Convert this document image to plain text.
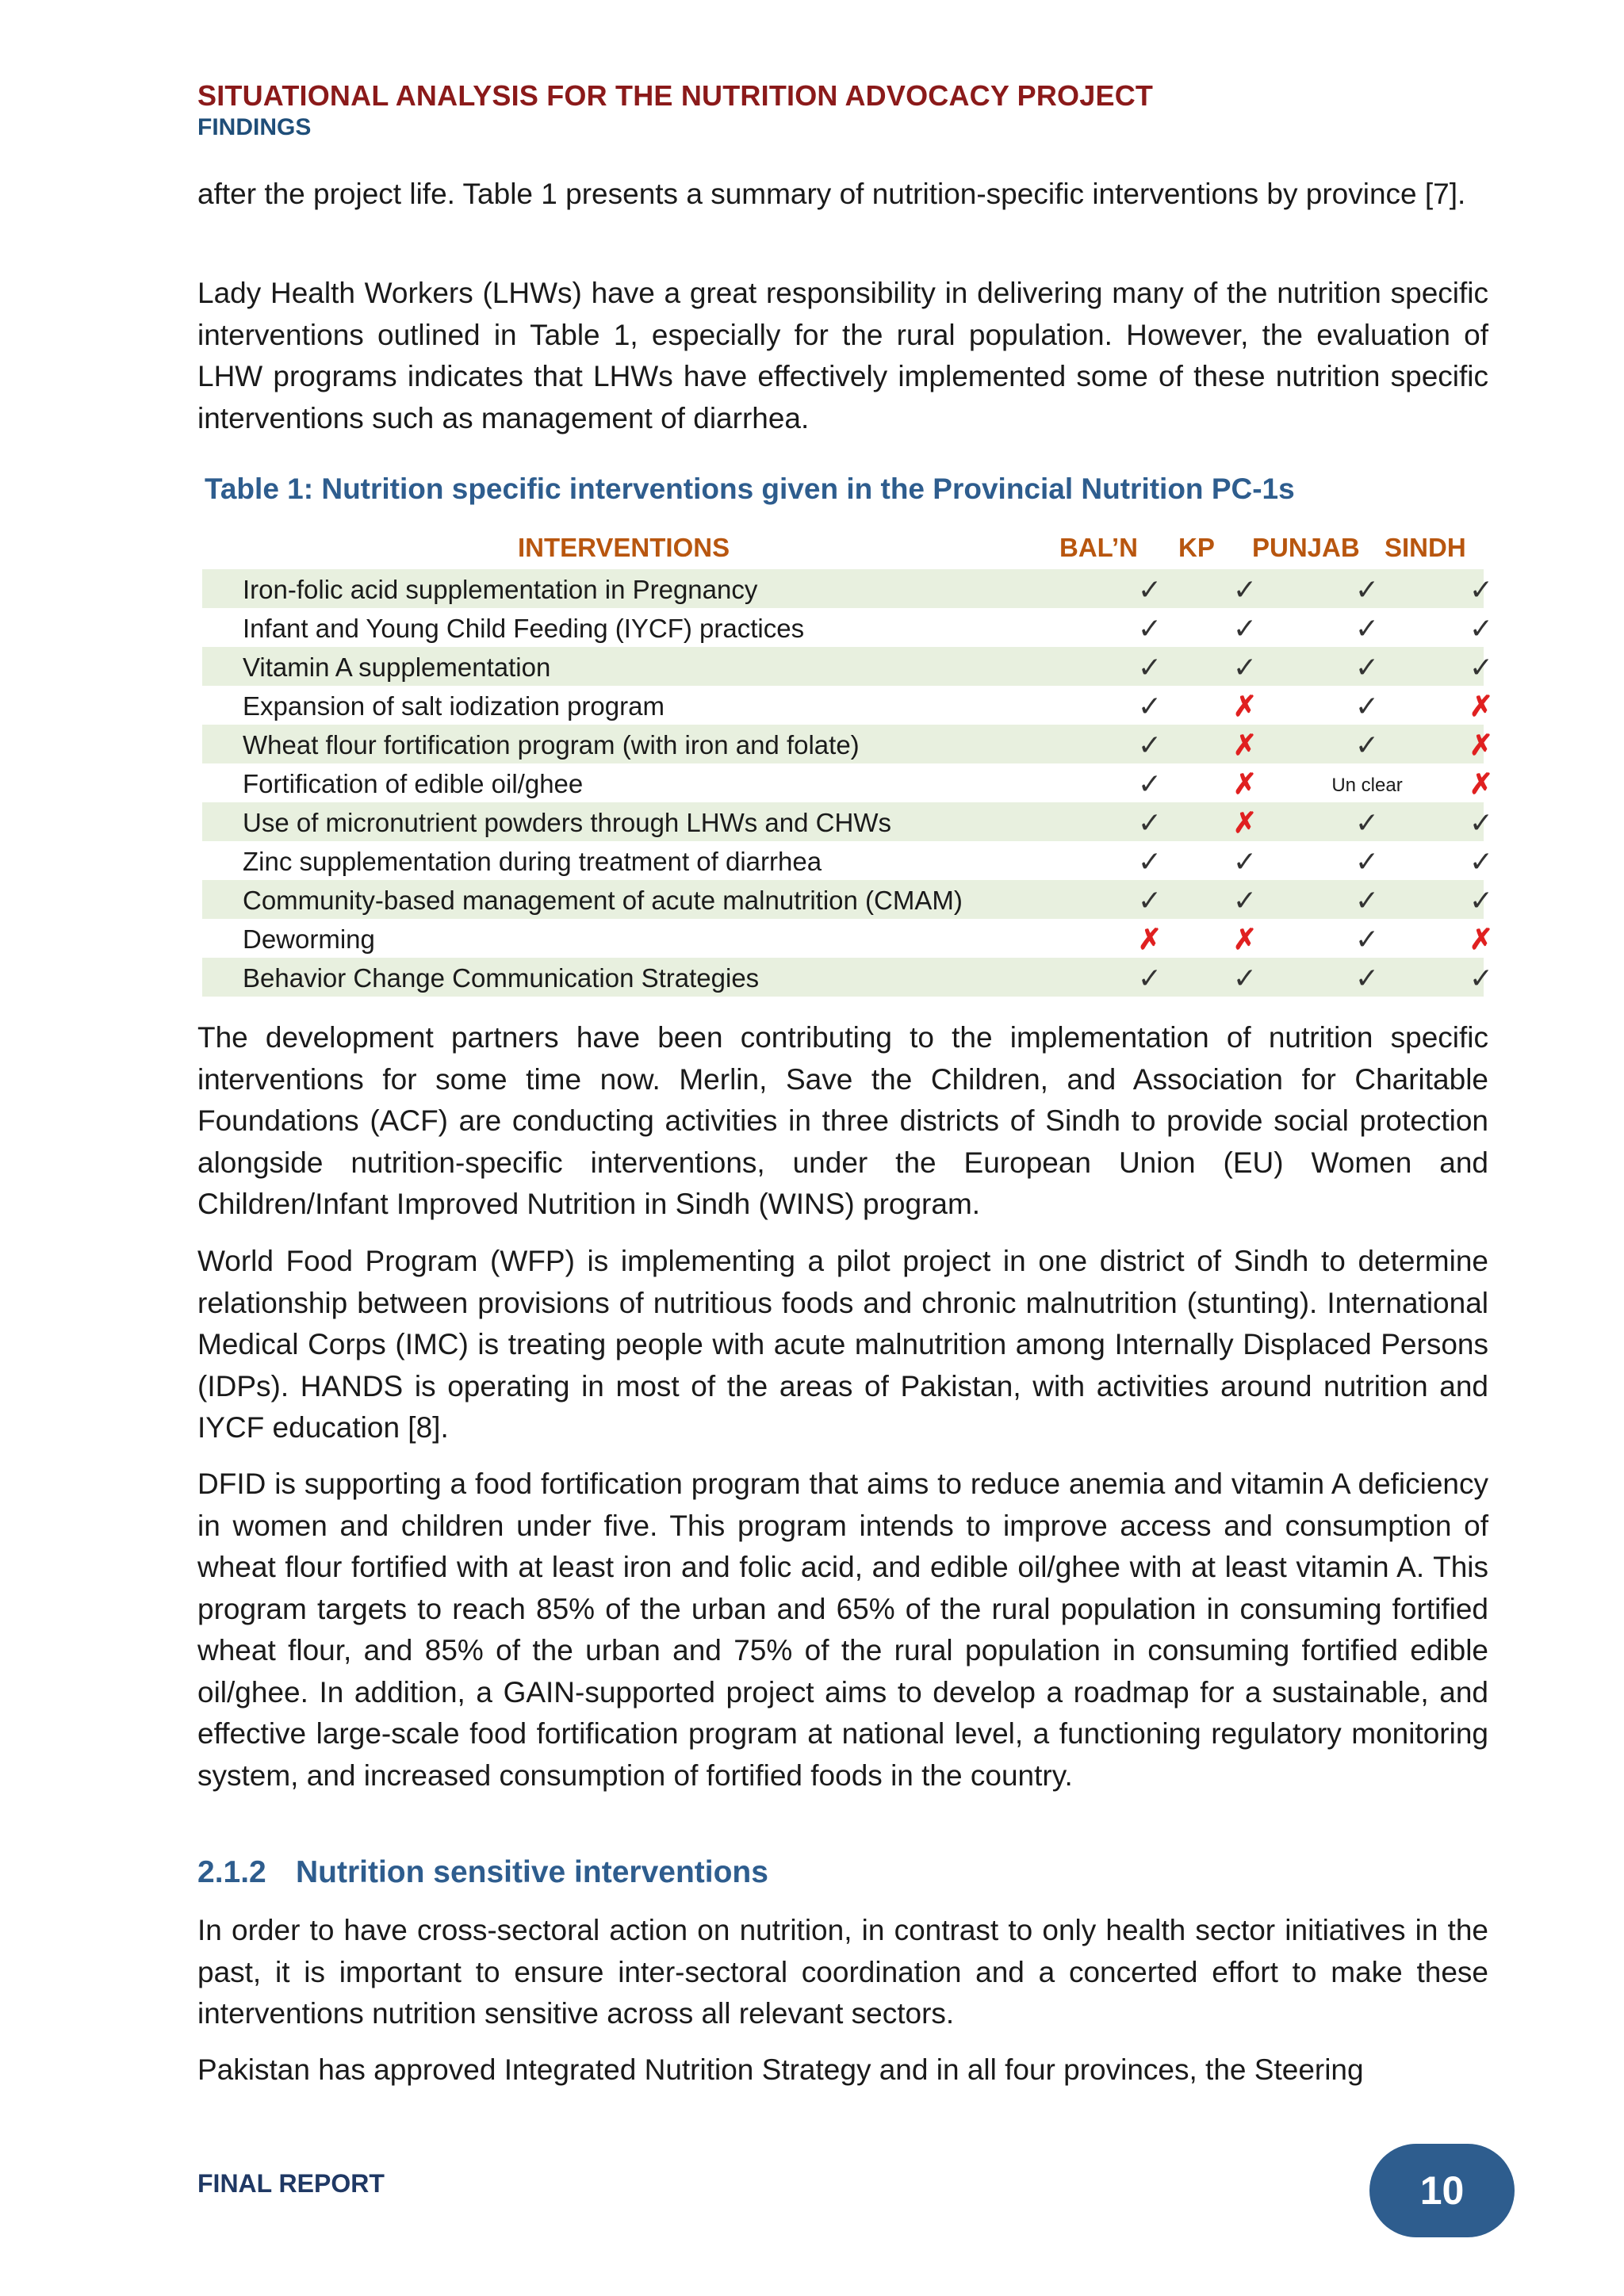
SITUATIONAL ANALYSIS FOR THE NUTRITION ADVOCACY PROJECT
FINDINGS

after the project life. Table 1 presents a summary of nutrition-specific interventions by province [7].

Lady Health Workers (LHWs) have a great responsibility in delivering many of the nutrition specific interventions outlined in Table 1, especially for the rural population. However, the evaluation of LHW programs indicates that LHWs have effectively implemented some of these nutrition specific interventions such as management of diarrhea.

Table 1: Nutrition specific interventions given in the Provincial Nutrition PC-1s
INTERVENTIONS	BAL’N KP PUNJAB SINDH
Iron-folic acid supplementation in Pregnancy	✓	✓	✓	✓
Infant and Young Child Feeding (IYCF) practices	✓	✓	✓	✓
Vitamin A supplementation	✓	✓	✓	✓
Expansion of salt iodization program	✓	✗	✓	✗
Wheat flour fortification program (with iron and folate)	✓	✗	✓	✗
Fortification of edible oil/ghee	✓	✗	Un clear	✗
Use of micronutrient powders through LHWs and CHWs	✓	✗	✓	✓
Zinc supplementation during treatment of diarrhea	✓	✓	✓	✓
Community-based management of acute malnutrition (CMAM)	✓	✓	✓	✓
Deworming	✗	✗	✓	✗
Behavior Change Communication Strategies	✓	✓	✓	✓

The development partners have been contributing to the implementation of nutrition specific interventions for some time now. Merlin, Save the Children, and Association for Charitable Foundations (ACF) are conducting activities in three districts of Sindh to provide social protection alongside nutrition-specific interventions, under the European Union (EU) Women and Children/Infant Improved Nutrition in Sindh (WINS) program.

World Food Program (WFP) is implementing a pilot project in one district of Sindh to determine relationship between provisions of nutritious foods and chronic malnutrition (stunting). International Medical Corps (IMC) is treating people with acute malnutrition among Internally Displaced Persons (IDPs). HANDS is operating in most of the areas of Pakistan, with activities around nutrition and IYCF education [8].

DFID is supporting a food fortification program that aims to reduce anemia and vitamin A deficiency in women and children under five. This program intends to improve access and consumption of wheat flour fortified with at least iron and folic acid, and edible oil/ghee with at least vitamin A. This program targets to reach 85% of the urban and 65% of the rural population in consuming fortified wheat flour, and 85% of the urban and 75% of the rural population in consuming fortified edible oil/ghee. In addition, a GAIN-supported project aims to develop a roadmap for a sustainable, and effective large-scale food fortification program at national level, a functioning regulatory monitoring system, and increased consumption of fortified foods in the country.

2.1.2 Nutrition sensitive interventions

In order to have cross-sectoral action on nutrition, in contrast to only health sector initiatives in the past, it is important to ensure inter-sectoral coordination and a concerted effort to make these interventions nutrition sensitive across all relevant sectors.

Pakistan has approved Integrated Nutrition Strategy and in all four provinces, the Steering

FINAL REPORT	10
